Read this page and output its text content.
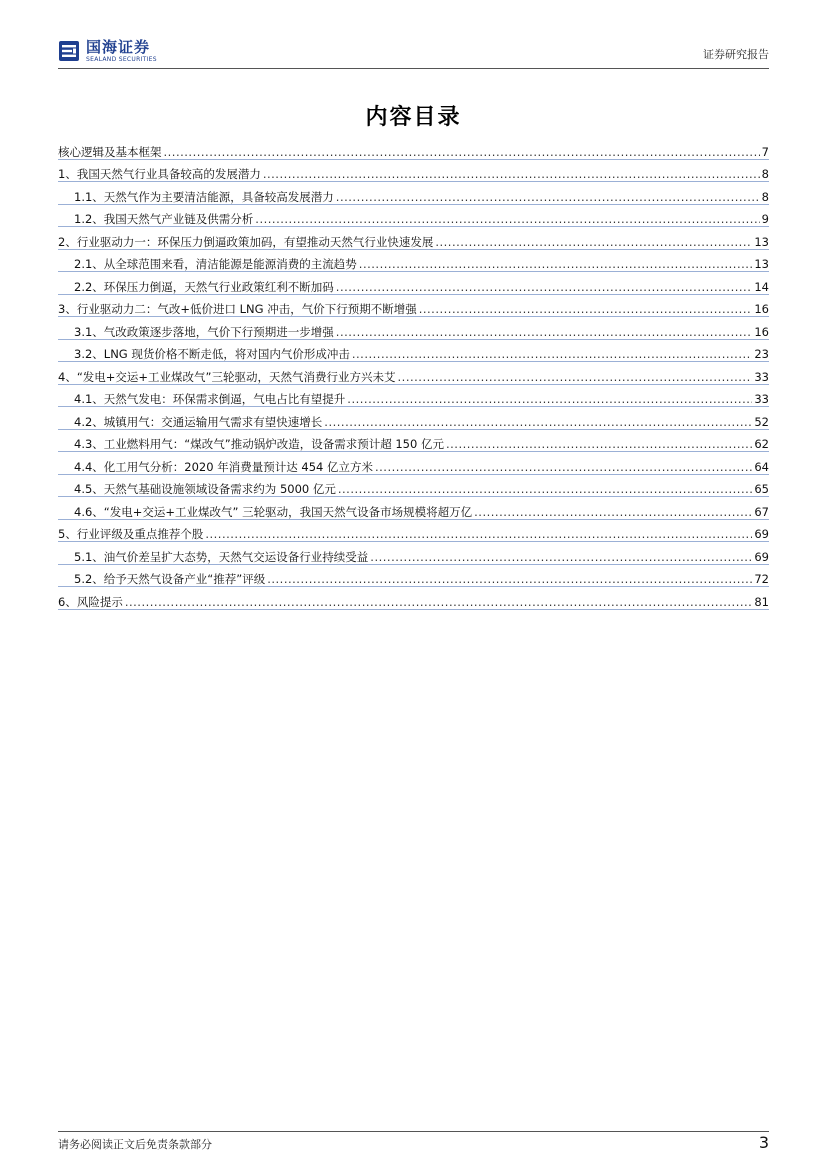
国海证券
SEALAND SECURITIES	证券研究报告
内容目录
核心逻辑及基本框架 .....	7
1、 我国天然气行业具备较高的发展潜力 .....	8
1.1、 天然气作为主要清洁能源，具备较高发展潜力 .....	8
1.2、 我国天然气产业链及供需分析 .....	9
2、 行业驱动力一：环保压力倒逼政策加码，有望推动天然气行业快速发展 .....	13
2.1、 从全球范围来看，清洁能源是能源消费的主流趋势 .....	13
2.2、 环保压力倒逼，天然气行业政策红利不断加码 .....	14
3、 行业驱动力二：气改+低价进口 LNG 冲击，气价下行预期不断增强 .....	16
3.1、 气改政策逐步落地，气价下行预期进一步增强 .....	16
3.2、 LNG 现货价格不断走低，将对国内气价形成冲击 .....	23
4、 “发电+交运+工业煤改气”三轮驱动，天然气消费行业方兴未艾 .....	33
4.1、 天然气发电：环保需求倒逼，气电占比有望提升 .....	33
4.2、 城镇用气：交通运输用气需求有望快速增长 .....	52
4.3、 工业燃料用气：“煤改气”推动锅炉改造，设备需求预计超 150 亿元 .....	62
4.4、 化工用气分析：2020 年消费量预计达 454 亿立方米 .....	64
4.5、 天然气基础设施领域设备需求约为 5000 亿元 .....	65
4.6、 “发电+交运+工业煤改气” 三轮驱动，我国天然气设备市场规模将超万亿 .....	67
5、 行业评级及重点推荐个股 .....	69
5.1、 油气价差呈扩大态势，天然气交运设备行业持续受益 .....	69
5.2、 给予天然气设备产业“推荐”评级 .....	72
6、 风险提示 .....	81
请务必阅读正文后免责条款部分	3
